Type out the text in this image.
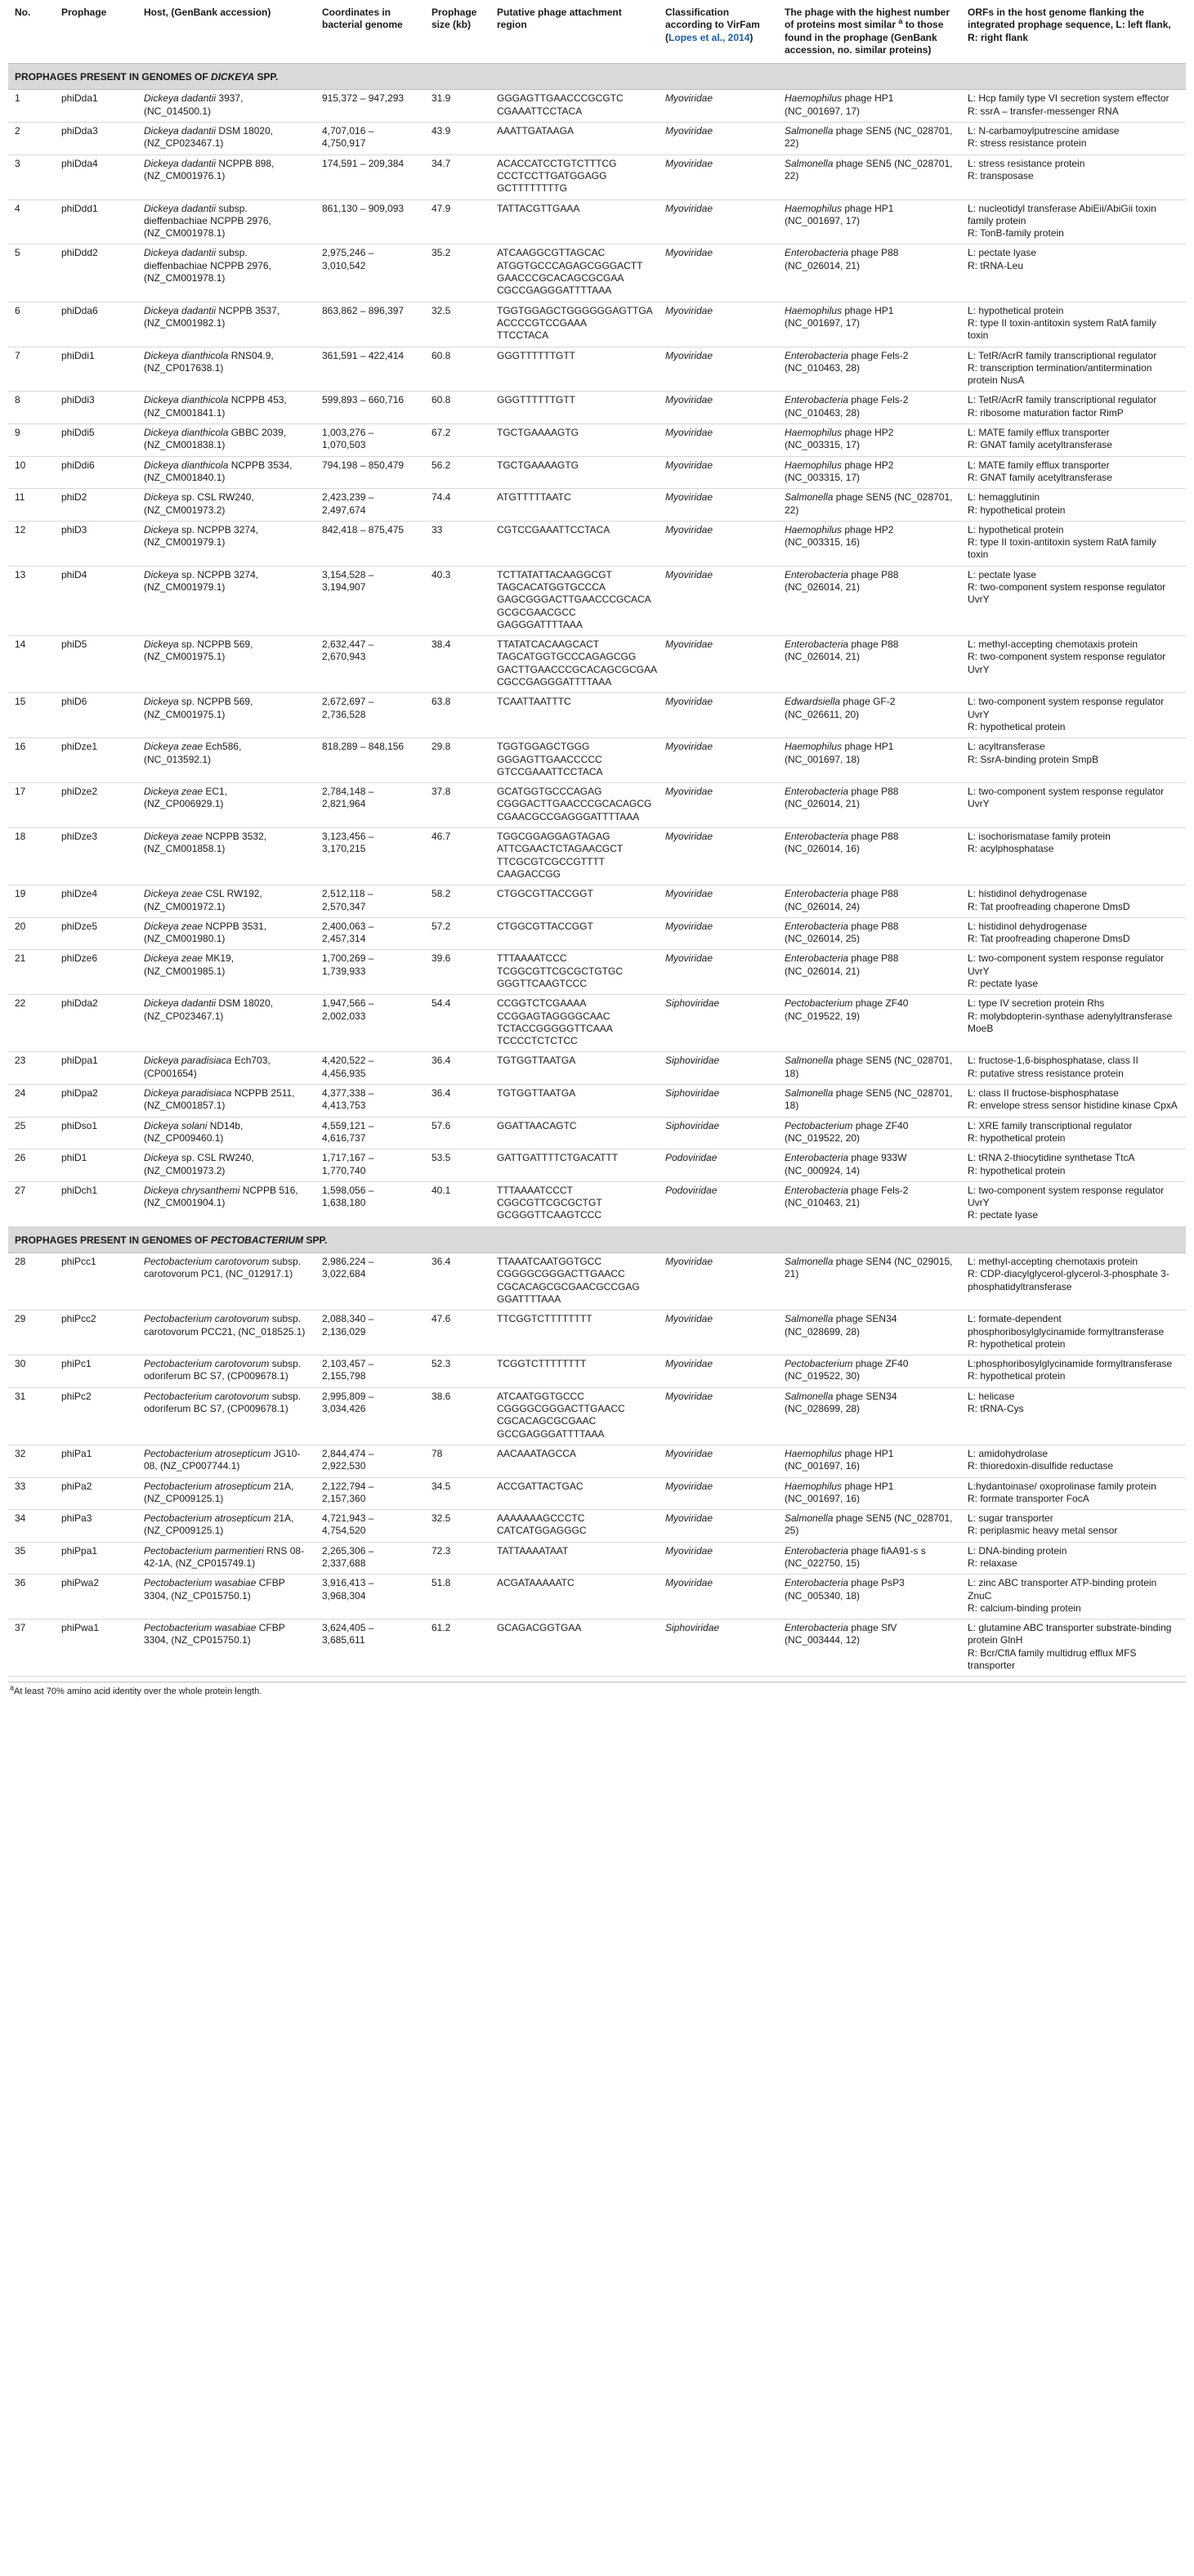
No.	Prophage	Host, (GenBank accession)	Coordinates in bacterial genome	Prophage size (kb)	Putative phage attachment region	Classification according to VirFam (Lopes et al., 2014)	The phage with the highest number of proteins most similar $^a$ to those found in the prophage (GenBank accession, no. similar proteins)	ORFs in the host genome flanking the integrated prophage sequence, L: left flank, R: right flank
PROPHAGES PRESENT IN GENOMES OF DICKEYA SPP.								
1	phiDda1	Dickeya dadantii 3937, (NC_014500.1)	915,372 – 947,293	31.9	GGGAGTTGAACCCGCGTC
CGAAATTCCTACA	Myoviridae	Haemophilus phage HP1 (NC_001697, 17)	L: Hcp family type VI secretion system effector
R: ssrA – transfer-messenger RNA
2	phiDda3	Dickeya dadantii DSM 18020, (NZ_CP023467.1)	4,707,016 – 4,750,917	43.9	AAATTGATAAGA	Myoviridae	Salmonella phage SEN5 (NC_028701, 22)	L: N-carbamoylputrescine amidase
R: stress resistance protein
3	phiDda4	Dickeya dadantii NCPPB 898, (NZ_CM001976.1)	174,591 – 209,384	34.7	ACACCATCCTGTCTTTCG
CCCTCCTTGATGGAGG
GCTTTTTTTTG	Myoviridae	Salmonella phage SEN5 (NC_028701, 22)	L: stress resistance protein
R: transposase
4	phiDdd1	Dickeya dadantii subsp. dieffenbachiae NCPPB 2976, (NZ_CM001978.1)	861,130 – 909,093	47.9	TATTACGTTGAAA	Myoviridae	Haemophilus phage HP1 (NC_001697, 17)	L: nucleotidyl transferase AbiEii/AbiGii toxin family protein
R: TonB-family protein
5	phiDdd2	Dickeya dadantii subsp. dieffenbachiae NCPPB 2976, (NZ_CM001978.1)	2,975,246 – 3,010,542	35.2	ATCAAGGCGTTAGCAC
ATGGTGCCCAGAGCGGGACTT
GAACCCGCACAGCGCGAA
CGCCGAGGGATTTTAAA	Myoviridae	Enterobacteria phage P88 (NC_026014, 21)	L: pectate lyase
R: tRNA-Leu
6	phiDda6	Dickeya dadantii NCPPB 3537, (NZ_CM001982.1)	863,862 – 896,397	32.5	TGGTGGAGCTGGGGGGAGTTGA
ACCCCGTCCGAAA
TTCCTACA	Myoviridae	Haemophilus phage HP1 (NC_001697, 17)	L: hypothetical protein
R: type II toxin-antitoxin system RatA family toxin
7	phiDdi1	Dickeya dianthicola RNS04.9, (NZ_CP017638.1)	361,591 – 422,414	60.8	GGGTTTTTTGTT	Myoviridae	Enterobacteria phage Fels-2 (NC_010463, 28)	L: TetR/AcrR family transcriptional regulator
R: transcription termination/antitermination protein NusA
8	phiDdi3	Dickeya dianthicola NCPPB 453, (NZ_CM001841.1)	599,893 – 660,716	60.8	GGGTTTTTTGTT	Myoviridae	Enterobacteria phage Fels-2 (NC_010463, 28)	L: TetR/AcrR family transcriptional regulator
R: ribosome maturation factor RimP
9	phiDdi5	Dickeya dianthicola GBBC 2039, (NZ_CM001838.1)	1,003,276 – 1,070,503	67.2	TGCTGAAAAGTG	Myoviridae	Haemophilus phage HP2 (NC_003315, 17)	L: MATE family efflux transporter
R: GNAT family acetyltransferase
10	phiDdi6	Dickeya dianthicola NCPPB 3534, (NZ_CM001840.1)	794,198 – 850,479	56.2	TGCTGAAAAGTG	Myoviridae	Haemophilus phage HP2 (NC_003315, 17)	L: MATE family efflux transporter
R: GNAT family acetyltransferase
11	phiD2	Dickeya sp. CSL RW240, (NZ_CM001973.2)	2,423,239 – 2,497,674	74.4	ATGTTTTTAATC	Myoviridae	Salmonella phage SEN5 (NC_028701, 22)	L: hemagglutinin
R: hypothetical protein
12	phiD3	Dickeya sp. NCPPB 3274, (NZ_CM001979.1)	842,418 – 875,475	33	CGTCCGAAATTCCTACA	Myoviridae	Haemophilus phage HP2 (NC_003315, 16)	L: hypothetical protein
R: type II toxin-antitoxin system RatA family toxin
13	phiD4	Dickeya sp. NCPPB 3274, (NZ_CM001979.1)	3,154,528 – 3,194,907	40.3	TCTTATATTACAAGGCGT
TAGCACATGGTGCCCA
GAGCGGGACTTGAACCCGCACA
GCGCGAACGCC
GAGGGATTTTAAA	Myoviridae	Enterobacteria phage P88 (NC_026014, 21)	L: pectate lyase
R: two-component system response regulator UvrY
14	phiD5	Dickeya sp. NCPPB 569, (NZ_CM001975.1)	2,632,447 – 2,670,943	38.4	TTATATCACAAGCACT
TAGCATGGTGCCCAGAGCGG
GACTTGAACCCGCACAGCGCGAA
CGCCGAGGGATTTTAAA	Myoviridae	Enterobacteria phage P88 (NC_026014, 21)	L: methyl-accepting chemotaxis protein
R: two-component system response regulator UvrY
15	phiD6	Dickeya sp. NCPPB 569, (NZ_CM001975.1)	2,672,697 – 2,736,528	63.8	TCAATTAATTTC	Myoviridae	Edwardsiella phage GF-2 (NC_026611, 20)	L: two-component system response regulator UvrY
R: hypothetical protein
16	phiDze1	Dickeya zeae Ech586, (NC_013592.1)	818,289 – 848,156	29.8	TGGTGGAGCTGGG
GGGAGTTGAACCCCC
GTCCGAAATTCCTACA	Myoviridae	Haemophilus phage HP1 (NC_001697, 18)	L: acyltransferase
R: SsrA-binding protein SmpB
17	phiDze2	Dickeya zeae EC1, (NZ_CP006929.1)	2,784,148 – 2,821,964	37.8	GCATGGTGCCCAGAG
CGGGACTTGAACCCGCACAGCG
CGAACGCCGAGGGATTTTAAA	Myoviridae	Enterobacteria phage P88 (NC_026014, 21)	L: two-component system response regulator UvrY
18	phiDze3	Dickeya zeae NCPPB 3532, (NZ_CM001858.1)	3,123,456 – 3,170,215	46.7	TGGCGGAGGAGTAGAG
ATTCGAACTCTAGAACGCT
TTCGCGTCGCCGTTTT
CAAGACCGG	Myoviridae	Enterobacteria phage P88 (NC_026014, 16)	L: isochorismatase family protein
R: acylphosphatase
19	phiDze4	Dickeya zeae CSL RW192, (NZ_CM001972.1)	2,512,118 – 2,570,347	58.2	CTGGCGTTACCGGT	Myoviridae	Enterobacteria phage P88 (NC_026014, 24)	L: histidinol dehydrogenase
R: Tat proofreading chaperone DmsD
20	phiDze5	Dickeya zeae NCPPB 3531, (NZ_CM001980.1)	2,400,063 – 2,457,314	57.2	CTGGCGTTACCGGT	Myoviridae	Enterobacteria phage P88 (NC_026014, 25)	L: histidinol dehydrogenase
R: Tat proofreading chaperone DmsD
21	phiDze6	Dickeya zeae MK19, (NZ_CM001985.1)	1,700,269 – 1,739,933	39.6	TTTAAAATCCC
TCGGCGTTCGCGCTGTGC
GGGTTCAAGTCCC	Myoviridae	Enterobacteria phage P88 (NC_026014, 21)	L: two-component system response regulator UvrY
R: pectate lyase
22	phiDda2	Dickeya dadantii DSM 18020, (NZ_CP023467.1)	1,947,566 – 2,002,033	54.4	CCGGTCTCGAAAA
CCGGAGTAGGGGCAAC
TCTACCGGGGGTTCAAA
TCCCCTCTCTCC	Siphoviridae	Pectobacterium phage ZF40 (NC_019522, 19)	L: type IV secretion protein Rhs
R: molybdopterin-synthase adenylyltransferase MoeB
23	phiDpa1	Dickeya paradisiaca Ech703, (CP001654)	4,420,522 – 4,456,935	36.4	TGTGGTTAATGA	Siphoviridae	Salmonella phage SEN5 (NC_028701, 18)	L: fructose-1,6-bisphosphatase, class II
R: putative stress resistance protein
24	phiDpa2	Dickeya paradisiaca NCPPB 2511, (NZ_CM001857.1)	4,377,338 – 4,413,753	36.4	TGTGGTTAATGA	Siphoviridae	Salmonella phage SEN5 (NC_028701, 18)	L: class II fructose-bisphosphatase
R: envelope stress sensor histidine kinase CpxA
25	phiDso1	Dickeya solani ND14b, (NZ_CP009460.1)	4,559,121 – 4,616,737	57.6	GGATTAACAGTC	Siphoviridae	Pectobacterium phage ZF40 (NC_019522, 20)	L: XRE family transcriptional regulator
R: hypothetical protein
26	phiD1	Dickeya sp. CSL RW240, (NZ_CM001973.2)	1,717,167 – 1,770,740	53.5	GATTGATTTTCTGACATTT	Podoviridae	Enterobacteria phage 933W (NC_000924, 14)	L: tRNA 2-thiocytidine synthetase TtcA
R: hypothetical protein
27	phiDch1	Dickeya chrysanthemi NCPPB 516, (NZ_CM001904.1)	1,598,056 – 1,638,180	40.1	TTTAAAATCCCT
CGGCGTTCGCGCTGT
GCGGGTTCAAGTCCC	Podoviridae	Enterobacteria phage Fels-2 (NC_010463, 21)	L: two-component system response regulator UvrY
R: pectate lyase
PROPHAGES PRESENT IN GENOMES OF PECTOBACTERIUM SPP.								
28	phiPcc1	Pectobacterium carotovorum subsp. carotovorum PC1, (NC_012917.1)	2,986,224 – 3,022,684	36.4	TTAAATCAATGGTGCC
CGGGGCGGGACTTGAACC
CGCACAGCGCGAACGCCGAG
GGATTTTAAA	Myoviridae	Salmonella phage SEN4 (NC_029015, 21)	L: methyl-accepting chemotaxis protein
R: CDP-diacylglycerol-glycerol-3-phosphate 3-phosphatidyltransferase
29	phiPcc2	Pectobacterium carotovorum subsp. carotovorum PCC21, (NC_018525.1)	2,088,340 – 2,136,029	47.6	TTCGGTCTTTTTTTT	Myoviridae	Salmonella phage SEN34 (NC_028699, 28)	L: formate-dependent phosphoribosylglycinamide formyltransferase
R: hypothetical protein
30	phiPc1	Pectobacterium carotovorum subsp. odoriferum BC S7, (CP009678.1)	2,103,457 – 2,155,798	52.3	TCGGTCTTTTTTTT	Myoviridae	Pectobacterium phage ZF40 (NC_019522, 30)	L:phosphoribosylglycinamide formyltransferase
R: hypothetical protein
31	phiPc2	Pectobacterium carotovorum subsp. odoriferum BC S7, (CP009678.1)	2,995,809 – 3,034,426	38.6	ATCAATGGTGCCC
CGGGGCGGGACTTGAACC
CGCACAGCGCGAAC
GCCGAGGGATTTTAAA	Myoviridae	Salmonella phage SEN34 (NC_028699, 28)	L: helicase
R: tRNA-Cys
32	phiPa1	Pectobacterium atrosepticum JG10-08, (NZ_CP007744.1)	2,844,474 – 2,922,530	78	AACAAATAGCCA	Myoviridae	Haemophilus phage HP1 (NC_001697, 16)	L: amidohydrolase
R: thioredoxin-disulfide reductase
33	phiPa2	Pectobacterium atrosepticum 21A, (NZ_CP009125.1)	2,122,794 – 2,157,360	34.5	ACCGATTACTGAC	Myoviridae	Haemophilus phage HP1 (NC_001697, 16)	L:hydantoinase/ oxoprolinase family protein
R: formate transporter FocA
34	phiPa3	Pectobacterium atrosepticum 21A, (NZ_CP009125.1)	4,721,943 – 4,754,520	32.5	AAAAAAAGCCCTC
CATCATGGAGGGC	Myoviridae	Salmonella phage SEN5 (NC_028701, 25)	L: sugar transporter
R: periplasmic heavy metal sensor
35	phiPpa1	Pectobacterium parmentieri RNS 08-42-1A, (NZ_CP015749.1)	2,265,306 – 2,337,688	72.3	TATTAAAATAAT	Myoviridae	Enterobacteria phage fiAA91-s s (NC_022750, 15)	L: DNA-binding protein
R: relaxase
36	phiPwa2	Pectobacterium wasabiae CFBP 3304, (NZ_CP015750.1)	3,916,413 – 3,968,304	51.8	ACGATAAAAATC	Myoviridae	Enterobacteria phage PsP3 (NC_005340, 18)	L: zinc ABC transporter ATP-binding protein ZnuC
R: calcium-binding protein
37	phiPwa1	Pectobacterium wasabiae CFBP 3304, (NZ_CP015750.1)	3,624,405 – 3,685,611	61.2	GCAGACGGTGAA	Siphoviridae	Enterobacteria phage SfV (NC_003444, 12)	L: glutamine ABC transporter substrate-binding protein GlnH
R: Bcr/CflA family multidrug efflux MFS transporter
$^a$At least 70% amino acid identity over the whole protein length.
